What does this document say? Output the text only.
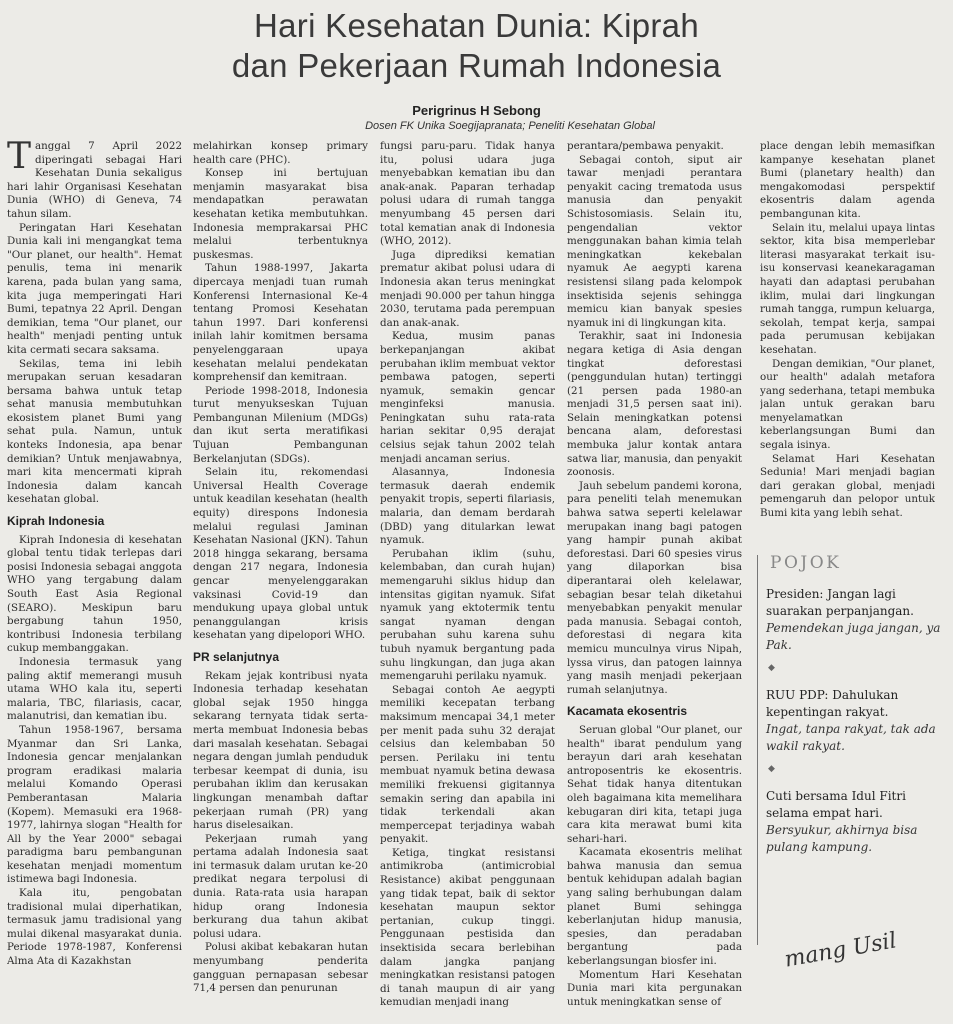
Hari Kesehatan Dunia: Kiprah
dan Pekerjaan Rumah Indonesia
Perigrinus H Sebong
Dosen FK Unika Soegijapranata; Peneliti Kesehatan Global

Tanggal 7 April 2022 diperingati sebagai Hari Kesehatan Dunia sekaligus hari lahir Organisasi Kesehatan Dunia (WHO) di Geneva, 74 tahun silam.

Peringatan Hari Kesehatan Dunia kali ini mengangkat tema "Our planet, our health". Hemat penulis, tema ini menarik karena, pada bulan yang sama, kita juga memperingati Hari Bumi, tepatnya 22 April. Dengan demikian, tema "Our planet, our health" menjadi penting untuk kita cermati secara saksama.

Sekilas, tema ini lebih merupakan seruan kesadaran bersama bahwa untuk tetap sehat manusia membutuhkan ekosistem planet Bumi yang sehat pula. Namun, untuk konteks Indonesia, apa benar demikian? Untuk menjawabnya, mari kita mencermati kiprah Indonesia dalam kancah kesehatan global.

Kiprah Indonesia

Kiprah Indonesia di kesehatan global tentu tidak terlepas dari posisi Indonesia sebagai anggota WHO yang tergabung dalam South East Asia Regional (SEARO). Meskipun baru bergabung tahun 1950, kontribusi Indonesia terbilang cukup membanggakan.

Indonesia termasuk yang paling aktif memerangi musuh utama WHO kala itu, seperti malaria, TBC, filariasis, cacar, malanutrisi, dan kematian ibu.

Tahun 1958-1967, bersama Myanmar dan Sri Lanka, Indonesia gencar menjalankan program eradikasi malaria melalui Komando Operasi Pemberantasan Malaria (Kopem). Memasuki era 1968-1977, lahirnya slogan "Health for All by the Year 2000" sebagai paradigma baru pembangunan kesehatan menjadi momentum istimewa bagi Indonesia.

Kala itu, pengobatan tradisional mulai diperhatikan, termasuk jamu tradisional yang mulai dikenal masyarakat dunia. Periode 1978-1987, Konferensi Alma Ata di Kazakhstan

melahirkan konsep primary health care (PHC).

Konsep ini bertujuan menjamin masyarakat bisa mendapatkan perawatan kesehatan ketika membutuhkan. Indonesia memprakarsai PHC melalui terbentuknya puskesmas.

Tahun 1988-1997, Jakarta dipercaya menjadi tuan rumah Konferensi Internasional Ke-4 tentang Promosi Kesehatan tahun 1997. Dari konferensi inilah lahir komitmen bersama penyelenggaraan upaya kesehatan melalui pendekatan komprehensif dan kemitraan.

Periode 1998-2018, Indonesia turut menyukseskan Tujuan Pembangunan Milenium (MDGs) dan ikut serta meratifikasi Tujuan Pembangunan Berkelanjutan (SDGs).

Selain itu, rekomendasi Universal Health Coverage untuk keadilan kesehatan (health equity) direspons Indonesia melalui regulasi Jaminan Kesehatan Nasional (JKN). Tahun 2018 hingga sekarang, bersama dengan 217 negara, Indonesia gencar menyelenggarakan vaksinasi Covid-19 dan mendukung upaya global untuk penanggulangan krisis kesehatan yang dipelopori WHO.

PR selanjutnya

Rekam jejak kontribusi nyata Indonesia terhadap kesehatan global sejak 1950 hingga sekarang ternyata tidak serta-merta membuat Indonesia bebas dari masalah kesehatan. Sebagai negara dengan jumlah penduduk terbesar keempat di dunia, isu perubahan iklim dan kerusakan lingkungan menambah daftar pekerjaan rumah (PR) yang harus diselesaikan.

Pekerjaan rumah yang pertama adalah Indonesia saat ini termasuk dalam urutan ke-20 predikat negara terpolusi di dunia. Rata-rata usia harapan hidup orang Indonesia berkurang dua tahun akibat polusi udara.

Polusi akibat kebakaran hutan menyumbang penderita gangguan pernapasan sebesar 71,4 persen dan penurunan

fungsi paru-paru. Tidak hanya itu, polusi udara juga menyebabkan kematian ibu dan anak-anak. Paparan terhadap polusi udara di rumah tangga menyumbang 45 persen dari total kematian anak di Indonesia (WHO, 2012).

Juga diprediksi kematian prematur akibat polusi udara di Indonesia akan terus meningkat menjadi 90.000 per tahun hingga 2030, terutama pada perempuan dan anak-anak.

Kedua, musim panas berkepanjangan akibat perubahan iklim membuat vektor pembawa patogen, seperti nyamuk, semakin gencar menginfeksi manusia. Peningkatan suhu rata-rata harian sekitar 0,95 derajat celsius sejak tahun 2002 telah menjadi ancaman serius.

Alasannya, Indonesia termasuk daerah endemik penyakit tropis, seperti filariasis, malaria, dan demam berdarah (DBD) yang ditularkan lewat nyamuk.

Perubahan iklim (suhu, kelembaban, dan curah hujan) memengaruhi siklus hidup dan intensitas gigitan nyamuk. Sifat nyamuk yang ektotermik tentu sangat nyaman dengan perubahan suhu karena suhu tubuh nyamuk bergantung pada suhu lingkungan, dan juga akan memengaruhi perilaku nyamuk.

Sebagai contoh Ae aegypti memiliki kecepatan terbang maksimum mencapai 34,1 meter per menit pada suhu 32 derajat celsius dan kelembaban 50 persen. Perilaku ini tentu membuat nyamuk betina dewasa memiliki frekuensi gigitannya semakin sering dan apabila ini tidak terkendali akan mempercepat terjadinya wabah penyakit.

Ketiga, tingkat resistansi antimikroba (antimicrobial Resistance) akibat penggunaan yang tidak tepat, baik di sektor kesehatan maupun sektor pertanian, cukup tinggi. Penggunaan pestisida dan insektisida secara berlebihan dalam jangka panjang meningkatkan resistansi patogen di tanah maupun di air yang kemudian menjadi inang

perantara/pembawa penyakit.

Sebagai contoh, siput air tawar menjadi perantara penyakit cacing trematoda usus manusia dan penyakit Schistosomiasis. Selain itu, pengendalian vektor menggunakan bahan kimia telah meningkatkan kekebalan nyamuk Ae aegypti karena resistensi silang pada kelompok insektisida sejenis sehingga memicu kian banyak spesies nyamuk ini di lingkungan kita.

Terakhir, saat ini Indonesia negara ketiga di Asia dengan tingkat deforestasi (penggundulan hutan) tertinggi (21 persen pada 1980-an menjadi 31,5 persen saat ini). Selain meningkatkan potensi bencana alam, deforestasi membuka jalur kontak antara satwa liar, manusia, dan penyakit zoonosis.

Jauh sebelum pandemi korona, para peneliti telah menemukan bahwa satwa seperti kelelawar merupakan inang bagi patogen yang hampir punah akibat deforestasi. Dari 60 spesies virus yang dilaporkan bisa diperantarai oleh kelelawar, sebagian besar telah diketahui menyebabkan penyakit menular pada manusia. Sebagai contoh, deforestasi di negara kita memicu munculnya virus Nipah, lyssa virus, dan patogen lainnya yang masih menjadi pekerjaan rumah selanjutnya.

Kacamata ekosentris

Seruan global "Our planet, our health" ibarat pendulum yang berayun dari arah kesehatan antroposentris ke ekosentris. Sehat tidak hanya ditentukan oleh bagaimana kita memelihara kebugaran diri kita, tetapi juga cara kita merawat bumi kita sehari-hari.

Kacamata ekosentris melihat bahwa manusia dan semua bentuk kehidupan adalah bagian yang saling berhubungan dalam planet Bumi sehingga keberlanjutan hidup manusia, spesies, dan peradaban bergantung pada keberlangsungan biosfer ini.

Momentum Hari Kesehatan Dunia mari kita pergunakan untuk meningkatkan sense of

place dengan lebih memasifkan kampanye kesehatan planet Bumi (planetary health) dan mengakomodasi perspektif ekosentris dalam agenda pembangunan kita.

Selain itu, melalui upaya lintas sektor, kita bisa memperlebar literasi masyarakat terkait isu-isu konservasi keanekaragaman hayati dan adaptasi perubahan iklim, mulai dari lingkungan rumah tangga, rumpun keluarga, sekolah, tempat kerja, sampai pada perumusan kebijakan kesehatan.

Dengan demikian, "Our planet, our health" adalah metafora yang sederhana, tetapi membuka jalan untuk gerakan baru menyelamatkan keberlangsungan Bumi dan segala isinya.

Selamat Hari Kesehatan Sedunia! Mari menjadi bagian dari gerakan global, menjadi pemengaruh dan pelopor untuk Bumi kita yang lebih sehat.

POJOK
Presiden: Jangan lagi suarakan perpanjangan.
Pemendekan juga jangan, ya Pak.
◆
RUU PDP: Dahulukan kepentingan rakyat.
Ingat, tanpa rakyat, tak ada wakil rakyat.
◆
Cuti bersama Idul Fitri selama empat hari.
Bersyukur, akhirnya bisa pulang kampung.
mang Usil
